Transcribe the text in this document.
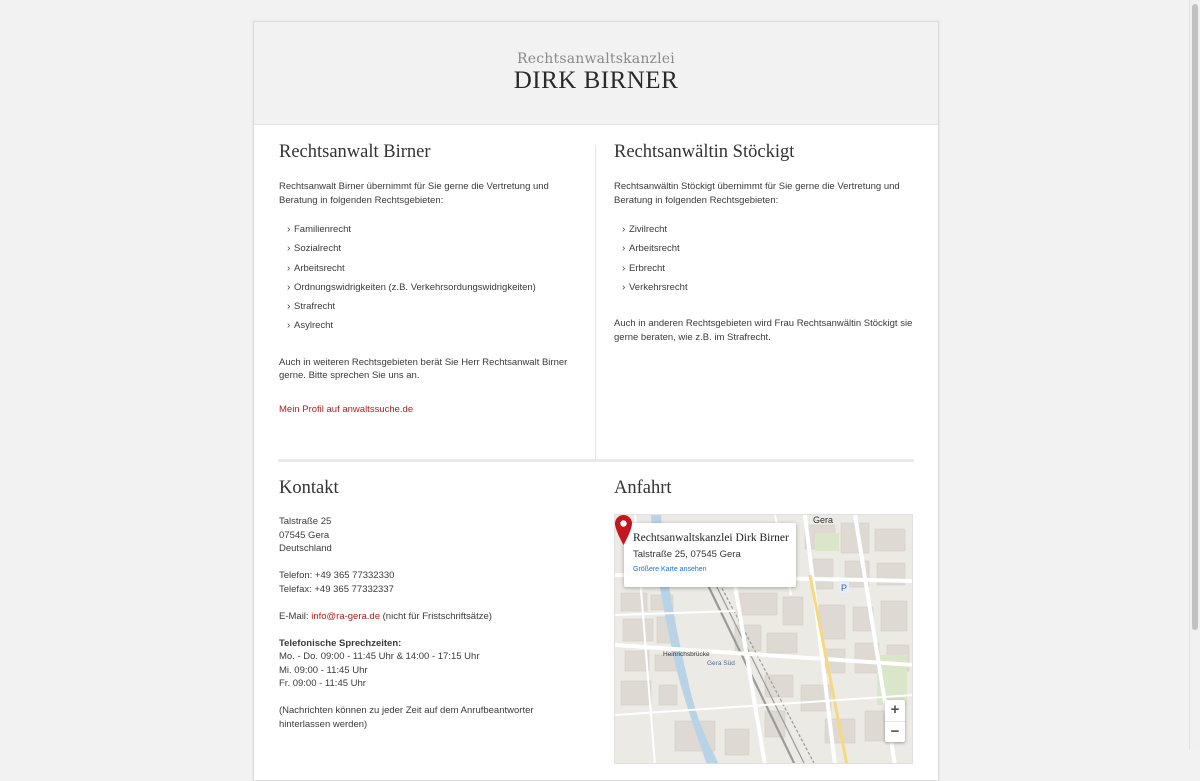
Rechtsanwaltskanzlei
DIRK BIRNER
Rechtsanwalt Birner

Rechtsanwalt Birner übernimmt für Sie gerne die Vertretung und Beratung in folgenden Rechtsgebieten:

› Familienrecht
› Sozialrecht
› Arbeitsrecht
› Ordnungswidrigkeiten (z.B. Verkehrsordungswidrigkeiten)
› Strafrecht
› Asylrecht

Auch in weiteren Rechtsgebieten berät Sie Herr Rechtsanwalt Birner gerne. Bitte sprechen Sie uns an.

Mein Profil auf anwaltssuche.de

Rechtsanwältin Stöckigt

Rechtsanwältin Stöckigt übernimmt für Sie gerne die Vertretung und Beratung in folgenden Rechtsgebieten:

› Zivilrecht
› Arbeitsrecht
› Erbrecht
› Verkehrsrecht

Auch in anderen Rechtsgebieten wird Frau Rechtsanwältin Stöckigt sie gerne beraten, wie z.B. im Strafrecht.

Kontakt
Talstraße 25
07545 Gera
Deutschland
Telefon: +49 365 77332330
Telefax: +49 365 77332337
E-Mail: info@ra-gera.de (nicht für Fristschriftsätze)
Telefonische Sprechzeiten:
Mo. - Do. 09:00 - 11:45 Uhr & 14:00 - 17:15 Uhr
Mi. 09:00 - 11:45 Uhr
Fr. 09:00 - 11:45 Uhr
(Nachrichten können zu jeder Zeit auf dem Anrufbeantworter hinterlassen werden)
Anfahrt
Gera
Gera Süd
Heinrichsbrücke
P
Rechtsanwaltskanzlei Dirk Birner
Talstraße 25, 07545 Gera
Größere Karte ansehen
+
−
